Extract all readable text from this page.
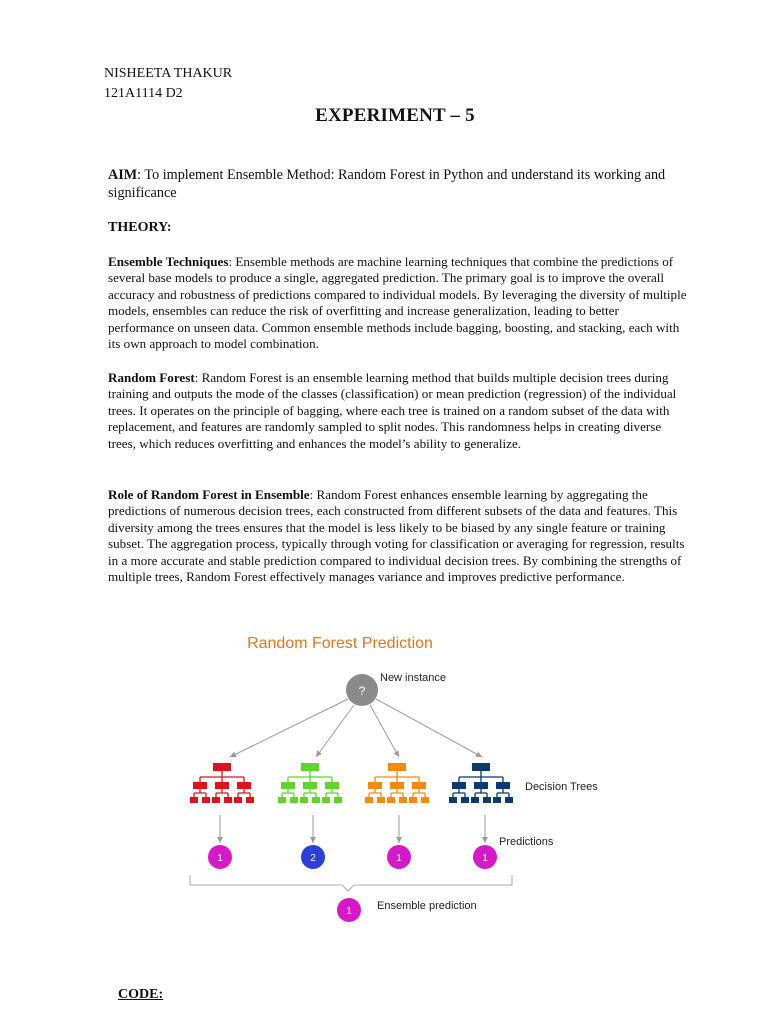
NISHEETA THAKUR
121A1114 D2
EXPERIMENT – 5
AIM: To implement Ensemble Method: Random Forest in Python and understand its working and significance
THEORY:
Ensemble Techniques: Ensemble methods are machine learning techniques that combine the predictions of several base models to produce a single, aggregated prediction. The primary goal is to improve the overall accuracy and robustness of predictions compared to individual models. By leveraging the diversity of multiple models, ensembles can reduce the risk of overfitting and increase generalization, leading to better performance on unseen data. Common ensemble methods include bagging, boosting, and stacking, each with its own approach to model combination.
Random Forest: Random Forest is an ensemble learning method that builds multiple decision trees during training and outputs the mode of the classes (classification) or mean prediction (regression) of the individual trees. It operates on the principle of bagging, where each tree is trained on a random subset of the data with replacement, and features are randomly sampled to split nodes. This randomness helps in creating diverse trees, which reduces overfitting and enhances the model’s ability to generalize.
Role of Random Forest in Ensemble: Random Forest enhances ensemble learning by aggregating the predictions of numerous decision trees, each constructed from different subsets of the data and features. This diversity among the trees ensures that the model is less likely to be biased by any single feature or training subset. The aggregation process, typically through voting for classification or averaging for regression, results in a more accurate and stable prediction compared to individual decision trees. By combining the strengths of multiple trees, Random Forest effectively manages variance and improves predictive performance.
Random Forest Prediction
?
New instance
Decision Trees
Predictions
1	2	1	1
1 Ensemble prediction
CODE:
